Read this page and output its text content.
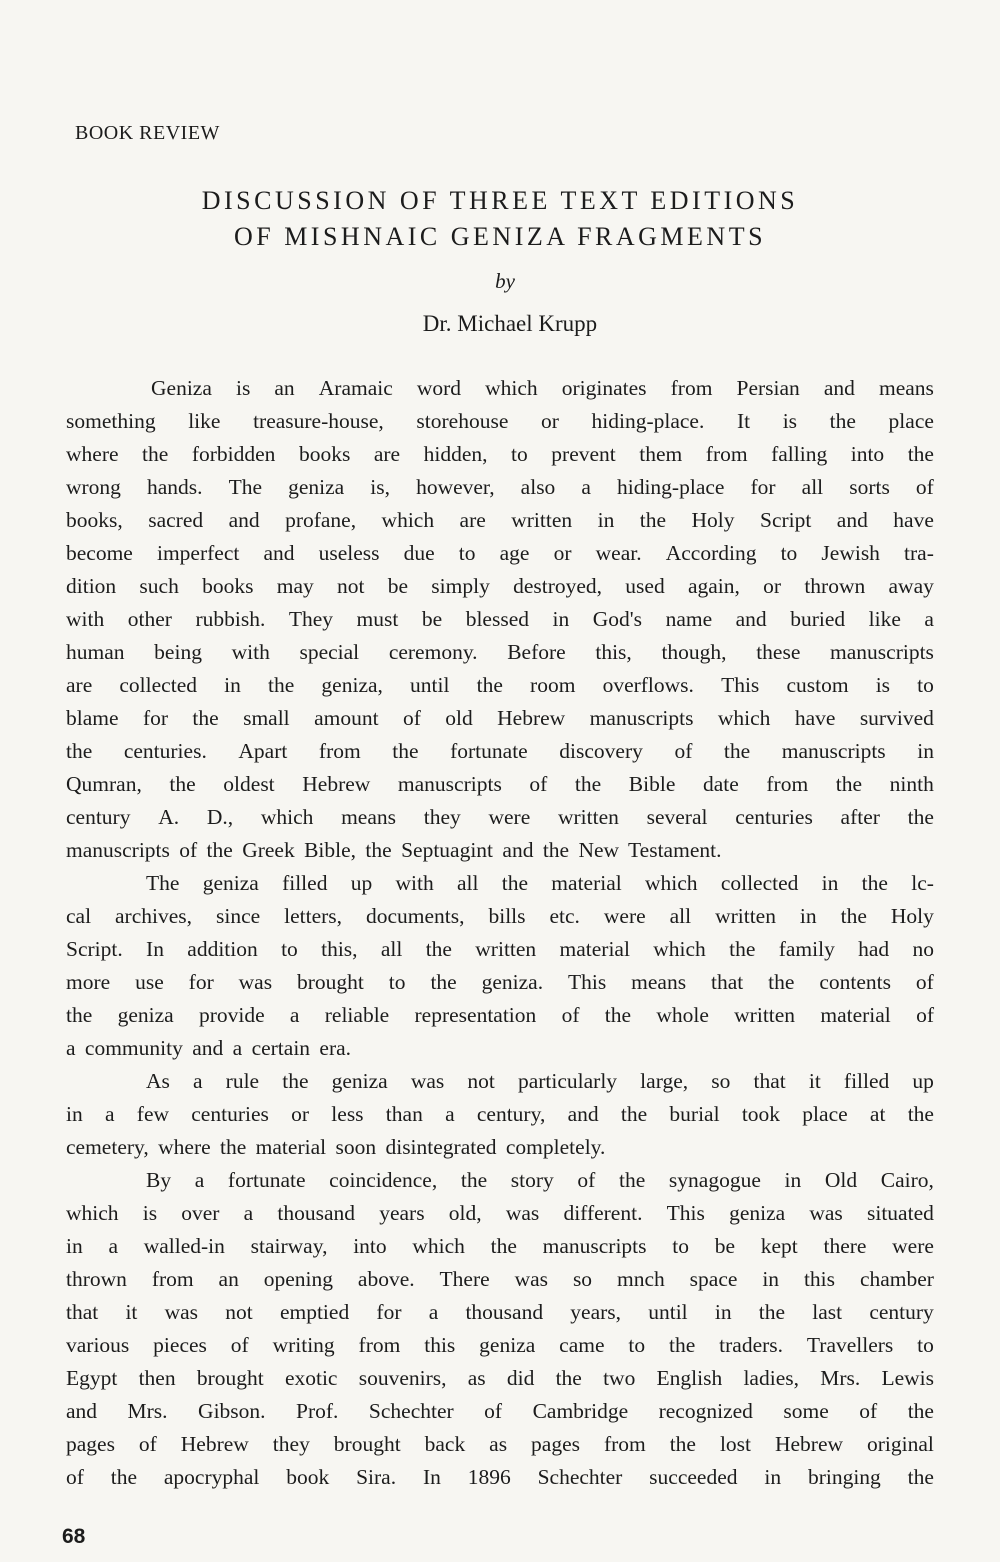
BOOK REVIEW
DISCUSSION OF THREE TEXT EDITIONS
OF MISHNAIC GENIZA FRAGMENTS
by
Dr. Michael Krupp
Geniza is an Aramaic word which originates from Persian and means
something like treasure-house, storehouse or hiding-place. It is the place
where the forbidden books are hidden, to prevent them from falling into the
wrong hands. The geniza is, however, also a hiding-place for all sorts of
books, sacred and profane, which are written in the Holy Script and have
become imperfect and useless due to age or wear. According to Jewish tra-
dition such books may not be simply destroyed, used again, or thrown away
with other rubbish. They must be blessed in God's name and buried like a
human being with special ceremony. Before this, though, these manuscripts
are collected in the geniza, until the room overflows. This custom is to
blame for the small amount of old Hebrew manuscripts which have survived
the centuries. Apart from the fortunate discovery of the manuscripts in
Qumran, the oldest Hebrew manuscripts of the Bible date from the ninth
century A. D., which means they were written several centuries after the
manuscripts of the Greek Bible, the Septuagint and the New Testament.
The geniza filled up with all the material which collected in the lc-
cal archives, since letters, documents, bills etc. were all written in the Holy
Script. In addition to this, all the written material which the family had no
more use for was brought to the geniza. This means that the contents of
the geniza provide a reliable representation of the whole written material of
a community and a certain era.
As a rule the geniza was not particularly large, so that it filled up
in a few centuries or less than a century, and the burial took place at the
cemetery, where the material soon disintegrated completely.
By a fortunate coincidence, the story of the synagogue in Old Cairo,
which is over a thousand years old, was different. This geniza was situated
in a walled-in stairway, into which the manuscripts to be kept there were
thrown from an opening above. There was so mnch space in this chamber
that it was not emptied for a thousand years, until in the last century
various pieces of writing from this geniza came to the traders. Travellers to
Egypt then brought exotic souvenirs, as did the two English ladies, Mrs. Lewis
and Mrs. Gibson. Prof. Schechter of Cambridge recognized some of the
pages of Hebrew they brought back as pages from the lost Hebrew original
of the apocryphal book Sira. In 1896 Schechter succeeded in bringing the
68
